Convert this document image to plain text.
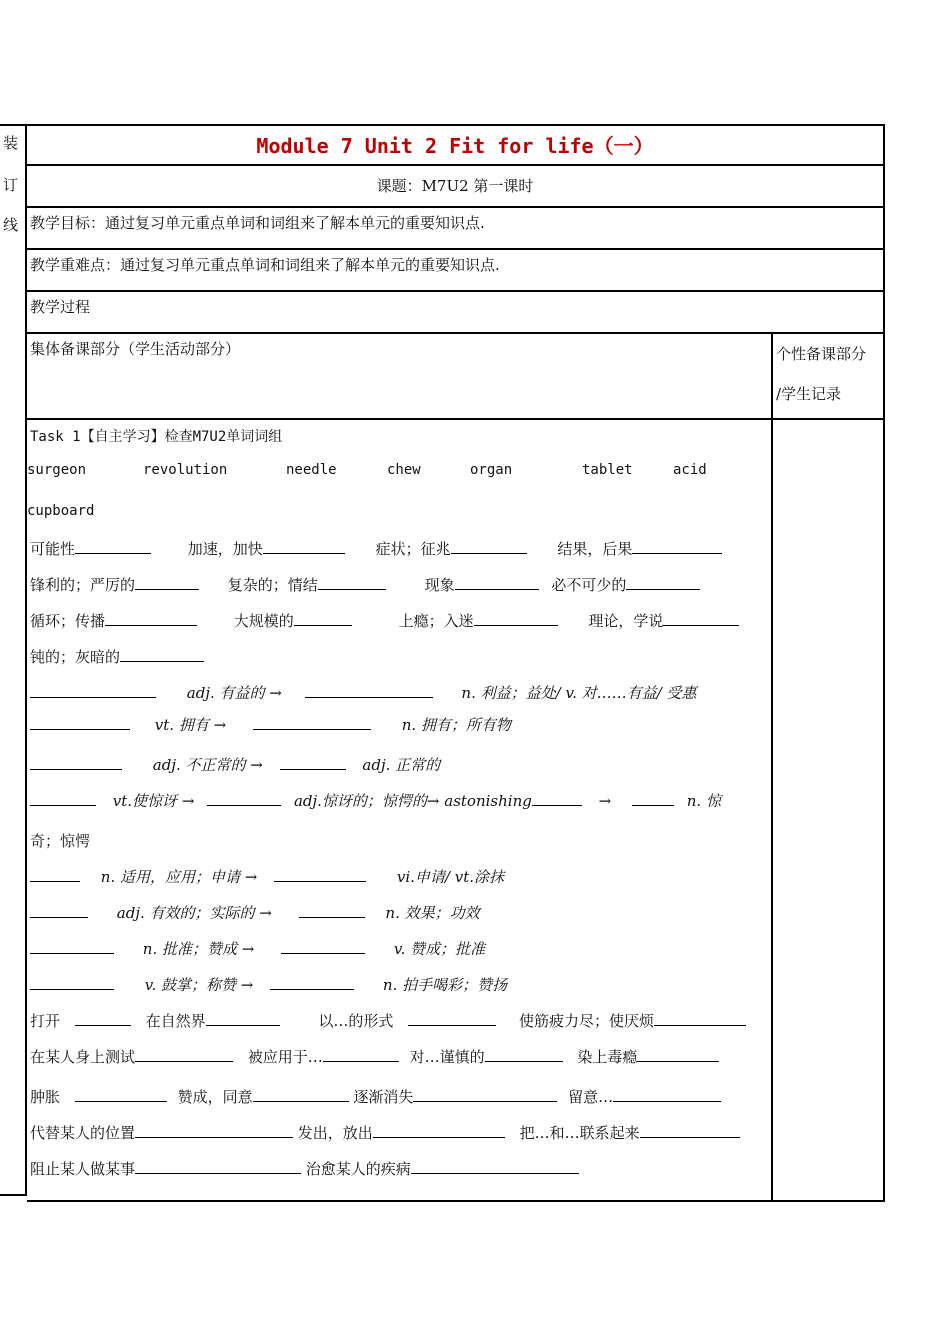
装
订
线
Module 7 Unit 2 Fit for life（一）
课题：M7U2 第一课时
教学目标：通过复习单元重点单词和词组来了解本单元的重要知识点.
教学重难点：通过复习单元重点单词和词组来了解本单元的重要知识点.
教学过程
集体备课部分（学生活动部分）	个性备课部分
/学生记录
Task 1【自主学习】检查M7U2单词词组
surgeon	revolution	needle	chew	organ	tablet	acid
cupboard
可能性	加速，加快	症状；征兆	结果，后果
锋利的；严厉的	复杂的；情结	现象	必不可少的
循环；传播	大规模的	上瘾；入迷	理论，学说
钝的；灰暗的
adj. 有益的 →	n. 利益；益处/ v. 对……有益/ 受惠
vt. 拥有 →	n. 拥有；所有物
adj. 不正常的 →	adj. 正常的
vt.使惊讶 →	adj.惊讶的；惊愕的→ astonishing	→	n. 惊
奇；惊愕
n. 适用，应用；申请 →	vi.申请/ vt.涂抹
adj. 有效的；实际的 →	n. 效果；功效
n. 批准；赞成 →	v. 赞成；批准
v. 鼓掌；称赞 →	n. 拍手喝彩；赞扬
打开	在自然界	以…的形式	使筋疲力尽；使厌烦
在某人身上测试	被应用于…	对…谨慎的	染上毒瘾
肿胀	赞成，同意	逐渐消失	留意…
代替某人的位置	发出，放出	把…和…联系起来
阻止某人做某事	治愈某人的疾病
